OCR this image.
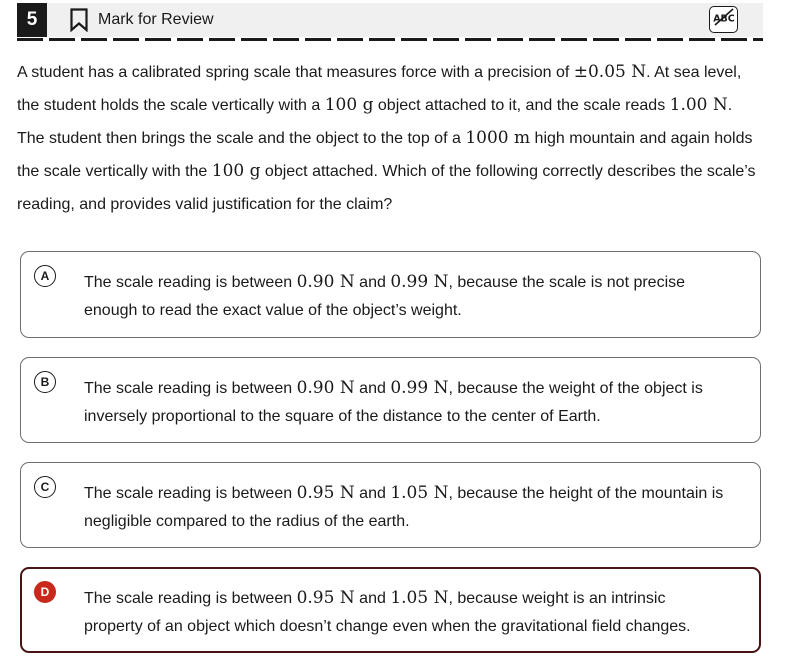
5	Mark for Review	ABC
A student has a calibrated spring scale that measures force with a precision of ±0.05 N. At sea level, the student holds the scale vertically with a 100 g object attached to it, and the scale reads 1.00 N. The student then brings the scale and the object to the top of a 1000 m high mountain and again holds the scale vertically with the 100 g object attached. Which of the following correctly describes the scale’s reading, and provides valid justification for the claim?
A	The scale reading is between 0.90 N and 0.99 N, because the scale is not precise enough to read the exact value of the object’s weight.
B	The scale reading is between 0.90 N and 0.99 N, because the weight of the object is inversely proportional to the square of the distance to the center of Earth.
C	The scale reading is between 0.95 N and 1.05 N, because the height of the mountain is negligible compared to the radius of the earth.
D	The scale reading is between 0.95 N and 1.05 N, because weight is an intrinsic property of an object which doesn’t change even when the gravitational field changes.
